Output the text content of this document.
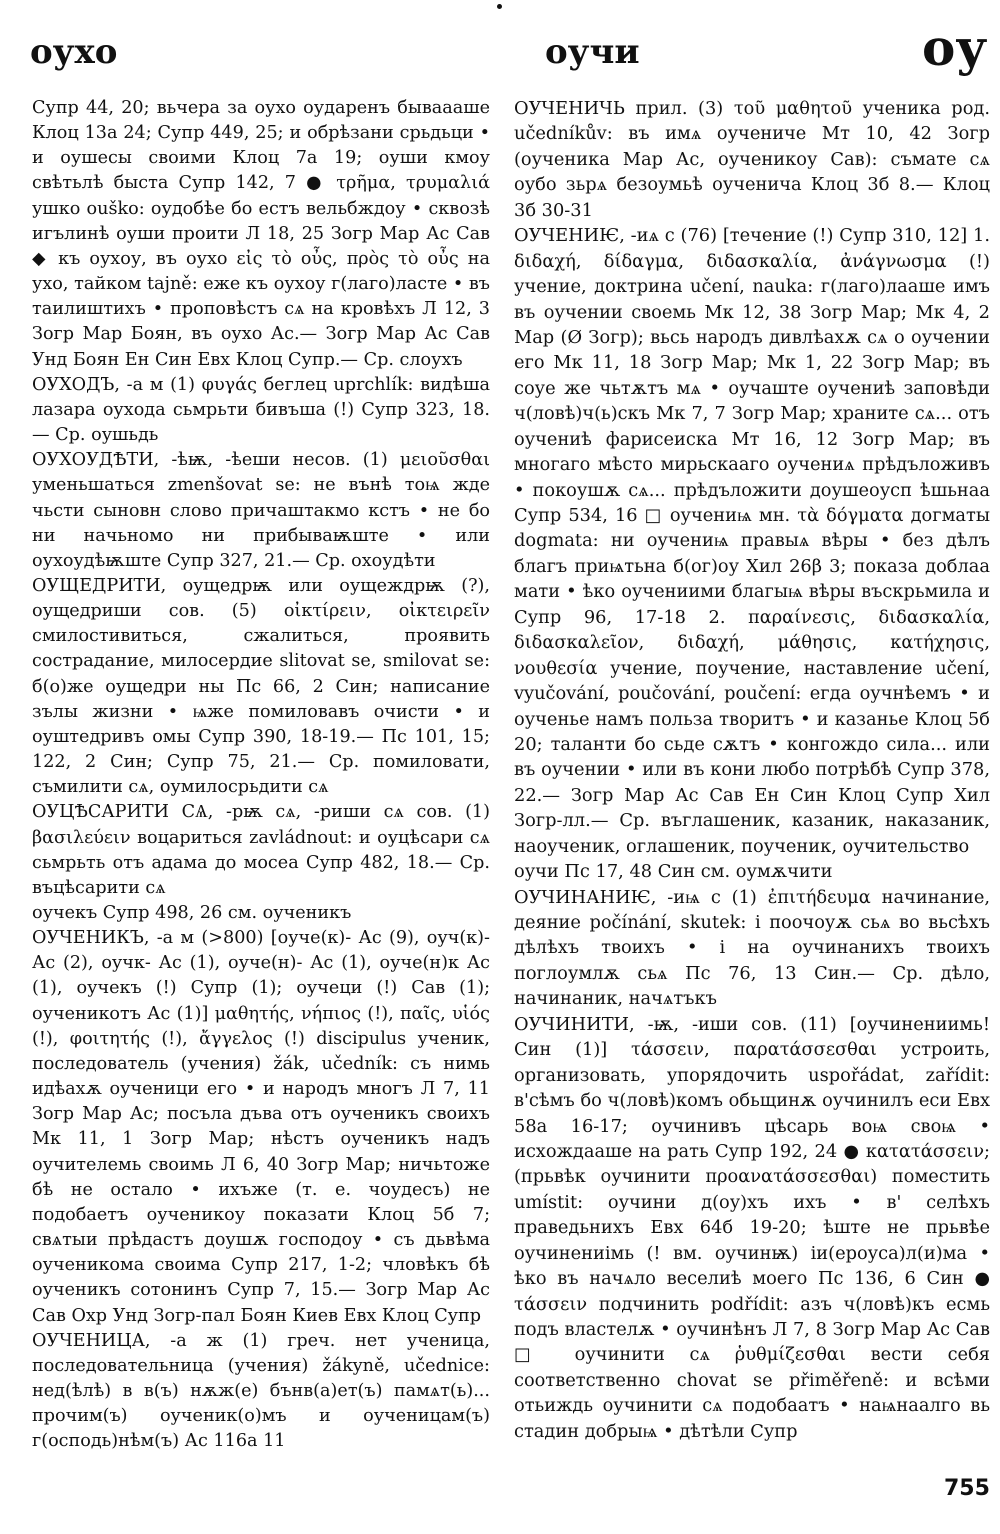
оухо	оучи	оу

Супр 44, 20; вьчера за оухо оударенъ бываааше Клоц 13а 24; Супр 449, 25; и обрѣзани срьдьци • и оушесы своими Клоц 7а 19; оуши кмоу свѣтьлѣ быста Супр 142, 7 ● τρῆμα, τρυμαλιά ушко ouško: оудобѣе бо естъ вельбждоу • сквозѣ игълинѣ оуши проити Л 18, 25 Зогр Мар Ас Сав ◆ къ оухоу, въ оухо εἰς τὸ οὖς, πρὸς τὸ οὖς на ухо, тайком tajně: еже къ оухоу г(лаго)ласте • въ таилиштихъ • проповѣстъ сѧ на кровѣхъ Л 12, 3 Зогр Мар Боян, въ оухо Ас.— Зогр Мар Ас Сав Унд Боян Ен Син Евх Клоц Супр.— Ср. слоухъ

ОУХОДЪ, -а м (1) φυγάς беглец uprchlík: видѣша лазара оухода сьмрьти бивъша (!) Супр 323, 18.— Ср. оушьдь

ОУХОУДѢТИ, -ѣѭ, -ѣеши несов. (1) μειοῦσθαι уменьшаться zmenšovat se: не вънѣ тоѩ жде чьсти сыновн слово причаштакмо кстъ • не бо ни начьномо ни прибываѭште • или оухоудѣѭште Супр 327, 21.— Ср. охоудѣти

ОУЩЕДРИТИ, оущедрѭ или оущеждрѭ (?), оущедриши сов. (5) οἰκτίρειν, οἰκτειρεῖν смилостивиться, сжалиться, проявить сострадание, милосердие slitovat se, smilovat se: б(о)же оущедри ны Пс 66, 2 Син; написание зълы жизни • ѩже помиловавъ очисти • и оуштедривъ омы Супр 390, 18-19.— Пс 101, 15; 122, 2 Син; Супр 75, 21.— Ср. помиловати, съмилити сѧ, оумилосрьдити сѧ

ОУЦѢСАРИТИ СѦ, -рѭ сѧ, -риши сѧ сов. (1) βασιλεύειν воцариться zavládnout: и оуцѣсари сѧ сьмрьть отъ адама до мосеа Супр 482, 18.— Ср. въцѣсарити сѧ

оучекъ Супр 498, 26 см. оученикъ

ОУЧЕНИКЪ, -а м (>800) [оуче(к)- Ас (9), оуч(к)- Ас (2), оучк- Ас (1), оуче(н)- Ас (1), оуче(н)к Ас (1), оучекъ (!) Супр (1); оучеци (!) Сав (1); оученикотъ Ас (1)] μαθητής, νήπιος (!), παῖς, υἱός (!), φοιτητής (!), ἄγγελος (!) discipulus ученик, последователь (учения) žák, učedník: съ нимь идѣахѫ оученици его • и народъ многъ Л 7, 11 Зогр Мар Ас; посъла дъва отъ оученикъ своихъ Мк 11, 1 Зогр Мар; нѣстъ оученикъ надъ оучителемь своимь Л 6, 40 Зогр Мар; ничьтоже бѣ не остало • ихъже (т. е. чоудесъ) не подобаетъ оученикоу показати Клоц 5б 7; свѧтыи прѣдастъ доушѫ господоу • съ дьвѣма оученикома своима Супр 217, 1-2; чловѣкъ бѣ оученикъ сотонинъ Супр 7, 15.— Зогр Мар Ас Сав Охр Унд Зогр-пал Боян Киев Евх Клоц Супр

ОУЧЕНИЦА, -а ж (1) греч. нет ученица, последовательница (учения) žákyně, učednice: нед(ѣлѣ) в в(ъ) нѫж(е) бънв(а)ет(ъ) памѧт(ь)... прочим(ъ) оученик(о)мъ и оученицам(ъ) г(осподь)нѣм(ъ) Ас 116а 11

ОУЧЕНИЧЬ прил. (3) τοῦ μαθητοῦ ученика род. učedníkův: въ имѧ оученичe Мт 10, 42 Зогр (оученика Мар Ас, оученикоу Сав): съмате сѧ оубо зьрѧ безоумьѣ оученича Клоц 3б 8.— Клоц 3б 30-31

ОУЧЕНИѤ, -иѧ с (76) [течение (!) Супр 310, 12] 1. διδαχή, δίδαγμα, διδασκαλία, ἀνάγνωσμα (!) учение, доктрина učení, nauka: г(лаго)лааше имъ въ оучении своемь Мк 12, 38 Зогр Мар; Мк 4, 2 Мар (Ø Зогр); вьсь народъ дивлѣахѫ сѧ о оучении его Мк 11, 18 Зогр Мар; Мк 1, 22 Зогр Мар; въ соуе же чьтѫтъ мѧ • оучаште оучениѣ заповѣди ч(ловѣ)ч(ь)скъ Мк 7, 7 Зогр Мар; храните сѧ... отъ оучениѣ фарисеиска Мт 16, 12 Зогр Мар; въ многаго мѣсто мирьскааго оучениѧ прѣдъложивъ • покоушѫ сѧ... прѣдъложити доушеоусп ѣшьнаа Супр 534, 16 □ оучениѩ мн. τὰ δόγματα догматы dogmata: ни оучениѩ правыѧ вѣры • без дѣлъ благъ приѩтьна б(ог)оу Хил 26β 3; показа доблаа мати • ѣко оучениими благыѩ вѣры въскрьмила и Супр 96, 17-18 2. παραίνεσις, διδασκαλία, διδασκαλεῖον, διδαχή, μάθησις, κατήχησις, νουθεσία учение, поучение, наставление učení, vyučování, poučování, poučení: егда оучнѣемъ • и оученье намъ польза творитъ • и казанье Клоц 5б 20; таланти бо сьде сѫтъ • конгождо сила... или въ оучении • или въ кони любо потрѣбѣ Супр 378, 22.— Зогр Мар Ас Сав Ен Син Клоц Супр Хил Зогр-лл.— Ср. въглашеник, казаник, наказаник, наоученик, оглашеник, поученик, оучительство

оучи Пс 17, 48 Син см. оумѫчити

ОУЧИНАНИѤ, -иѩ с (1) ἐπιτήδευμα начинание, деяние počínání, skutek: і поочоуѫ сьѧ во вьсѣхъ дѣлѣхъ твоихъ • і на оучинанихъ твоихъ поглоумлѫ сьѧ Пс 76, 13 Син.— Ср. дѣло, начинаник, начѧтъкъ

ОУЧИНИТИ, -ѭ, -иши сов. (11) [оучинениимь! Син (1)] τάσσειν, παρατάσσεσθαι устроить, организовать, упорядочить uspořádat, zařídit: в'сѣмъ бо ч(ловѣ)комъ обьщинѫ оучинилъ еси Евх 58а 16-17; оучинивъ цѣсарь воѩ своѩ • исхождааше на рать Супр 192, 24 ● κατατάσσειν; (прьвѣк оучинити προανατάσσεσθαι) поместить umístit: оучини д(оу)хъ ихъ • в' селѣхъ праведьнихъ Евх 64б 19-20; ѣште не прьвѣе оучинениімь (! вм. оучинѭ) іи(ероуса)л(и)ма • ѣко въ начѧло веселиѣ моего Пс 136, 6 Син ● τάσσειν подчинить podřídit: азъ ч(ловѣ)къ есмь подъ властелѫ • оучинѣнъ Л 7, 8 Зогр Мар Ас Сав □ оучинити сѧ ῥυθμίζεσθαι вести себя соответственно chovat se přiměřeně: и всѣми отьиждь оучинити сѧ подобаатъ • наѩнаалго вь стадин добрыѩ • дѣтѣли Супр

755
